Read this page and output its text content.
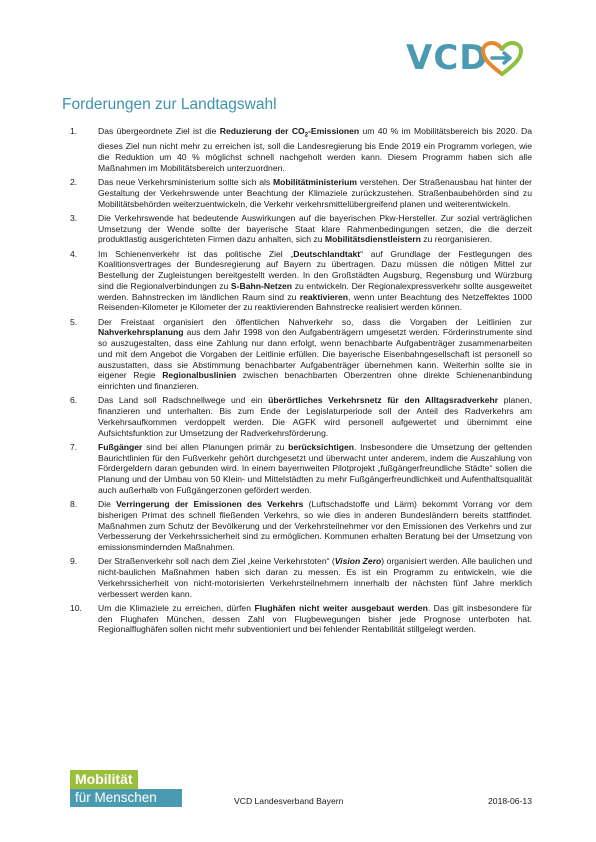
VCD
Forderungen zur Landtagswahl
1. Das übergeordnete Ziel ist die Reduzierung der $CO_2$-Emissionen um 40 % im Mobilitätsbereich bis 2020. Da dieses Ziel nun nicht mehr zu erreichen ist, soll die Landesregierung bis Ende 2019 ein Programm vorlegen, wie die Reduktion um 40 % möglichst schnell nachgeholt werden kann. Diesem Programm haben sich alle Maßnahmen im Mobilitätsbereich unterzuordnen.
2. Das neue Verkehrsministerium sollte sich als Mobilitätministerium verstehen. Der Straßenausbau hat hinter der Gestaltung der Verkehrswende unter Beachtung der Klimaziele zurückzustehen. Straßenbaubehörden sind zu Mobilitätsbehörden weiterzuentwickeln, die Verkehr verkehrsmittelübergreifend planen und weiterentwickeln.
3. Die Verkehrswende hat bedeutende Auswirkungen auf die bayerischen Pkw-Hersteller. Zur sozial verträglichen Umsetzung der Wende sollte der bayerische Staat klare Rahmenbedingungen setzen, die die derzeit produktlastig ausgerichteten Firmen dazu anhalten, sich zu Mobilitätsdienstleistern zu reorganisieren.
4. Im Schienenverkehr ist das politische Ziel „Deutschlandtakt“ auf Grundlage der Festlegungen des Koalitionsvertrages der Bundesregierung auf Bayern zu übertragen. Dazu müssen die nötigen Mittel zur Bestellung der Zugleistungen bereitgestellt werden. In den Großstädten Augsburg, Regensburg und Würzburg sind die Regionalverbindungen zu S-Bahn-Netzen zu entwickeln. Der Regionalexpressverkehr sollte ausgeweitet werden. Bahnstrecken im ländlichen Raum sind zu reaktivieren, wenn unter Beachtung des Netzeffektes 1000 Reisenden-Kilometer je Kilometer der zu reaktivierenden Bahnstrecke realisiert werden können.
5. Der Freistaat organisiert den öffentlichen Nahverkehr so, dass die Vorgaben der Leitlinien zur Nahverkehrsplanung aus dem Jahr 1998 von den Aufgabenträgern umgesetzt werden. Förderinstrumente sind so auszugestalten, dass eine Zahlung nur dann erfolgt, wenn benachbarte Aufgabenträger zusammenarbeiten und mit dem Angebot die Vorgaben der Leitlinie erfüllen. Die bayerische Eisenbahngesellschaft ist personell so auszustatten, dass sie Abstimmung benachbarter Aufgabenträger übernehmen kann. Weiterhin sollte sie in eigener Regie Regionalbuslinien zwischen benachbarten Oberzentren ohne direkte Schienenanbindung einrichten und finanzieren.
6. Das Land soll Radschnellwege und ein überörtliches Verkehrsnetz für den Alltagsradverkehr planen, finanzieren und unterhalten. Bis zum Ende der Legislaturperiode soll der Anteil des Radverkehrs am Verkehrsaufkommen verdoppelt werden. Die AGFK wird personell aufgewertet und übernimmt eine Aufsichtsfunktion zur Umsetzung der Radverkehrsförderung.
7. Fußgänger sind bei allen Planungen primär zu berücksichtigen. Insbesondere die Umsetzung der geltenden Baurichtlinien für den Fußverkehr gehört durchgesetzt und überwacht unter anderem, indem die Auszahlung von Fördergeldern daran gebunden wird. In einem bayernweiten Pilotprojekt „fußgängerfreundliche Städte“ sollen die Planung und der Umbau von 50 Klein- und Mittelstädten zu mehr Fußgängerfreundlichkeit und Aufenthaltsqualität auch außerhalb von Fußgängerzonen gefördert werden.
8. Die Verringerung der Emissionen des Verkehrs (Luftschadstoffe und Lärm) bekommt Vorrang vor dem bisherigen Primat des schnell fließenden Verkehrs, so wie dies in anderen Bundesländern bereits stattfindet. Maßnahmen zum Schutz der Bevölkerung und der Verkehrsteilnehmer vor den Emissionen des Verkehrs und zur Verbesserung der Verkehrssicherheit sind zu ermöglichen. Kommunen erhalten Beratung bei der Umsetzung von emissionsmindernden Maßnahmen.
9. Der Straßenverkehr soll nach dem Ziel „keine Verkehrstoten“ (Vision Zero) organisiert werden. Alle baulichen und nicht-baulichen Maßnahmen haben sich daran zu messen. Es ist ein Programm zu entwickeln, wie die Verkehrssicherheit von nicht-motorisierten Verkehrsteilnehmern innerhalb der nächsten fünf Jahre merklich verbessert werden kann.
10. Um die Klimaziele zu erreichen, dürfen Flughäfen nicht weiter ausgebaut werden. Das gilt insbesondere für den Flughafen München, dessen Zahl von Flugbewegungen bisher jede Prognose unterboten hat. Regionalflughäfen sollen nicht mehr subventioniert und bei fehlender Rentabilität stillgelegt werden.
Mobilität
für Menschen	VCD Landesverband Bayern	2018-06-13
